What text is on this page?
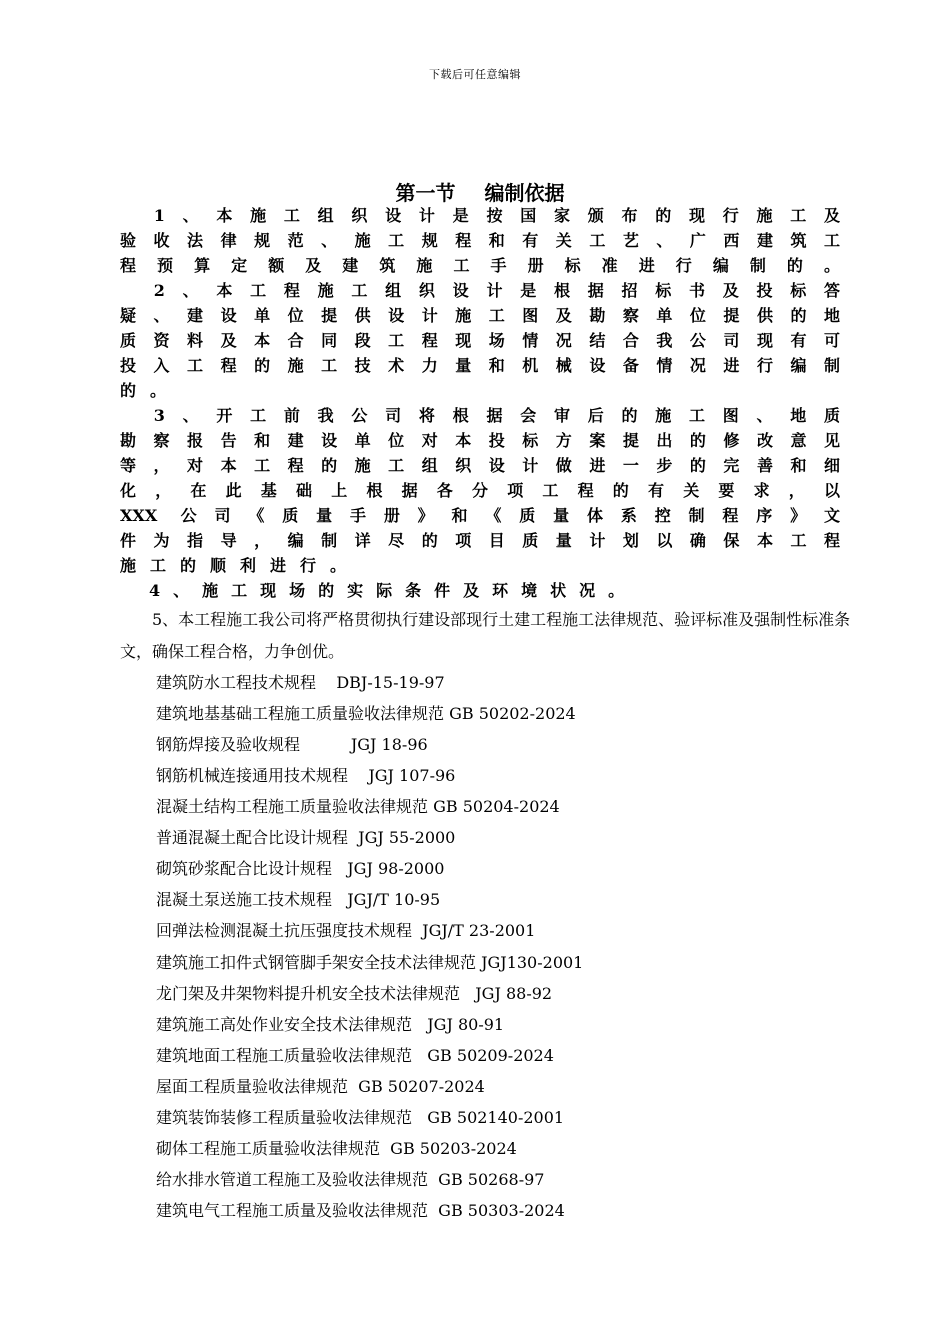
下载后可任意编辑
第一节 编制依据

　1、本施工组织设计是按国家颁布的现行施工及

验收法律规范、施工规程和有关工艺、广西建筑工

程预算定额及建筑施工手册标准进行编制的。

　2、本工程施工组织设计是根据招标书及投标答

疑、建设单位提供设计施工图及勘察单位提供的地

质资料及本合同段工程现场情况结合我公司现有可

投入工程的施工技术力量和机械设备情况进行编制

的。

　3、开工前我公司将根据会审后的施工图、地质

勘察报告和建设单位对本投标方案提出的修改意见

等，对本工程的施工组织设计做进一步的完善和细

化，在此基础上根据各分项工程的有关要求，以

XXX 公司《质量手册》和《质量体系控制程序》文

件为指导，编制详尽的项目质量计划以确保本工程

施工的顺利进行。

　4、施工现场的实际条件及环境状况。

5、本工程施工我公司将严格贯彻执行建设部现行土建工程施工法律规范、验评标准及强制性标准条文，确保工程合格，力争创优。

建筑防水工程技术规程    DBJ-15-19-97

建筑地基基础工程施工质量验收法律规范 GB 50202-2024

钢筋焊接及验收规程          JGJ 18-96

钢筋机械连接通用技术规程    JGJ 107-96

混凝土结构工程施工质量验收法律规范 GB 50204-2024

普通混凝土配合比设计规程  JGJ 55-2000

砌筑砂浆配合比设计规程   JGJ 98-2000

混凝土泵送施工技术规程   JGJ/T 10-95

回弹法检测混凝土抗压强度技术规程  JGJ/T 23-2001

建筑施工扣件式钢管脚手架安全技术法律规范 JGJ130-2001

龙门架及井架物料提升机安全技术法律规范   JGJ 88-92

建筑施工高处作业安全技术法律规范   JGJ 80-91

建筑地面工程施工质量验收法律规范   GB 50209-2024

屋面工程质量验收法律规范  GB 50207-2024

建筑装饰装修工程质量验收法律规范   GB 502140-2001

砌体工程施工质量验收法律规范  GB 50203-2024

给水排水管道工程施工及验收法律规范  GB 50268-97

建筑电气工程施工质量及验收法律规范  GB 50303-2024
